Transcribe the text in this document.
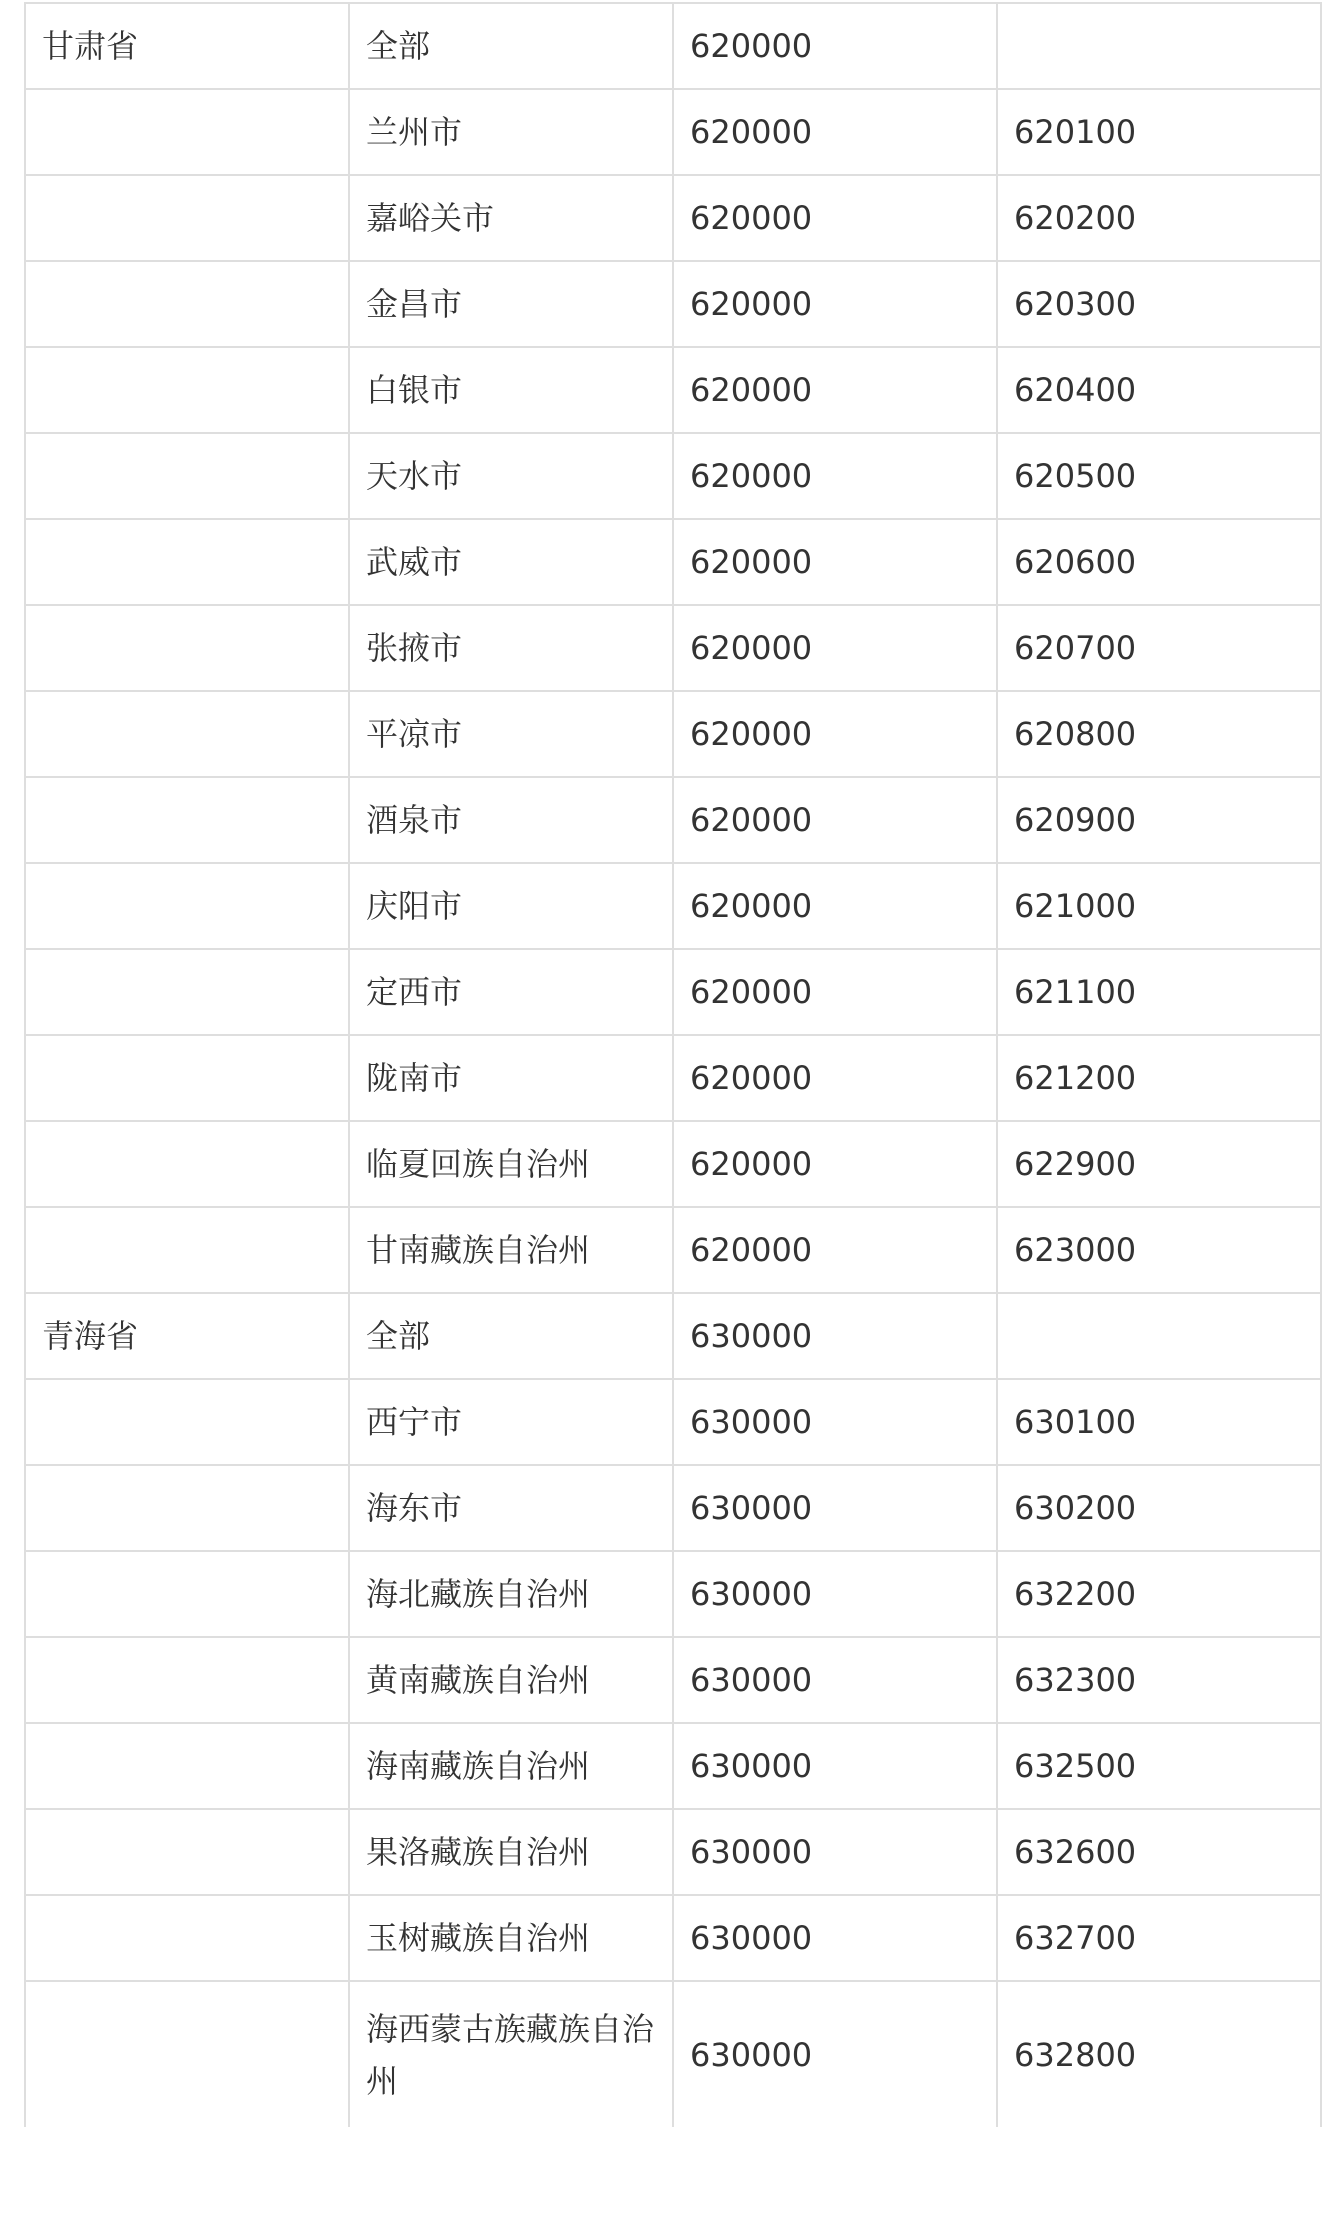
甘肃省	全部	620000	
	兰州市	620000	620100
	嘉峪关市	620000	620200
	金昌市	620000	620300
	白银市	620000	620400
	天水市	620000	620500
	武威市	620000	620600
	张掖市	620000	620700
	平凉市	620000	620800
	酒泉市	620000	620900
	庆阳市	620000	621000
	定西市	620000	621100
	陇南市	620000	621200
	临夏回族自治州	620000	622900
	甘南藏族自治州	620000	623000
青海省	全部	630000	
	西宁市	630000	630100
	海东市	630000	630200
	海北藏族自治州	630000	632200
	黄南藏族自治州	630000	632300
	海南藏族自治州	630000	632500
	果洛藏族自治州	630000	632600
	玉树藏族自治州	630000	632700
	海西蒙古族藏族自治州	630000	632800
